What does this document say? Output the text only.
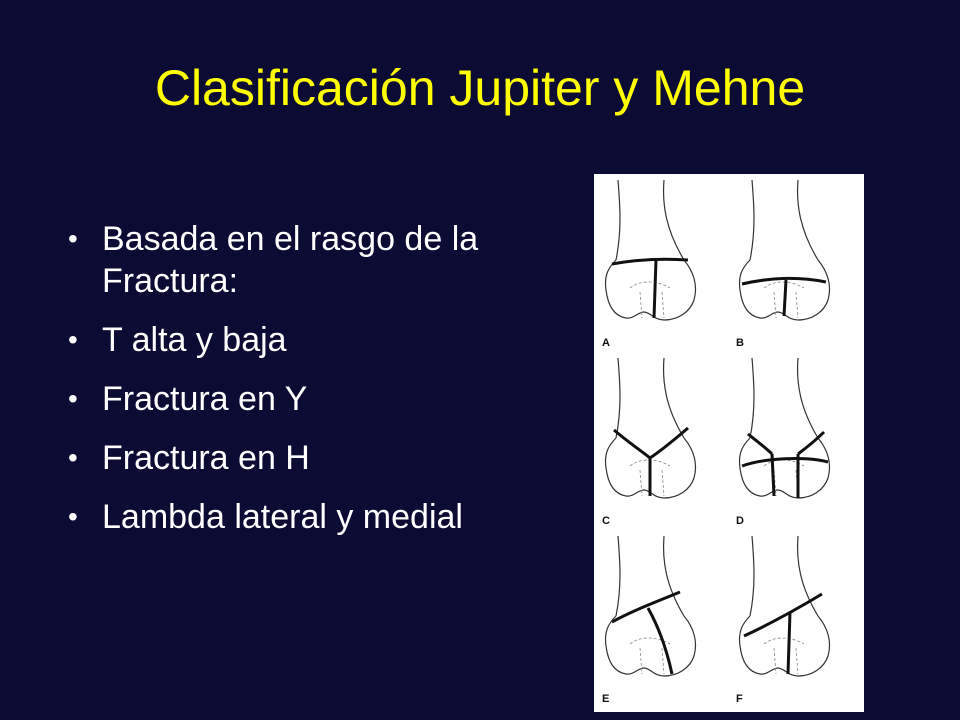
Clasificación Jupiter y Mehne
• Basada en el rasgo de la Fractura:
• T alta y baja
• Fractura en Y
• Fractura en H
• Lambda lateral y medial
A	B
C	D
E	F
